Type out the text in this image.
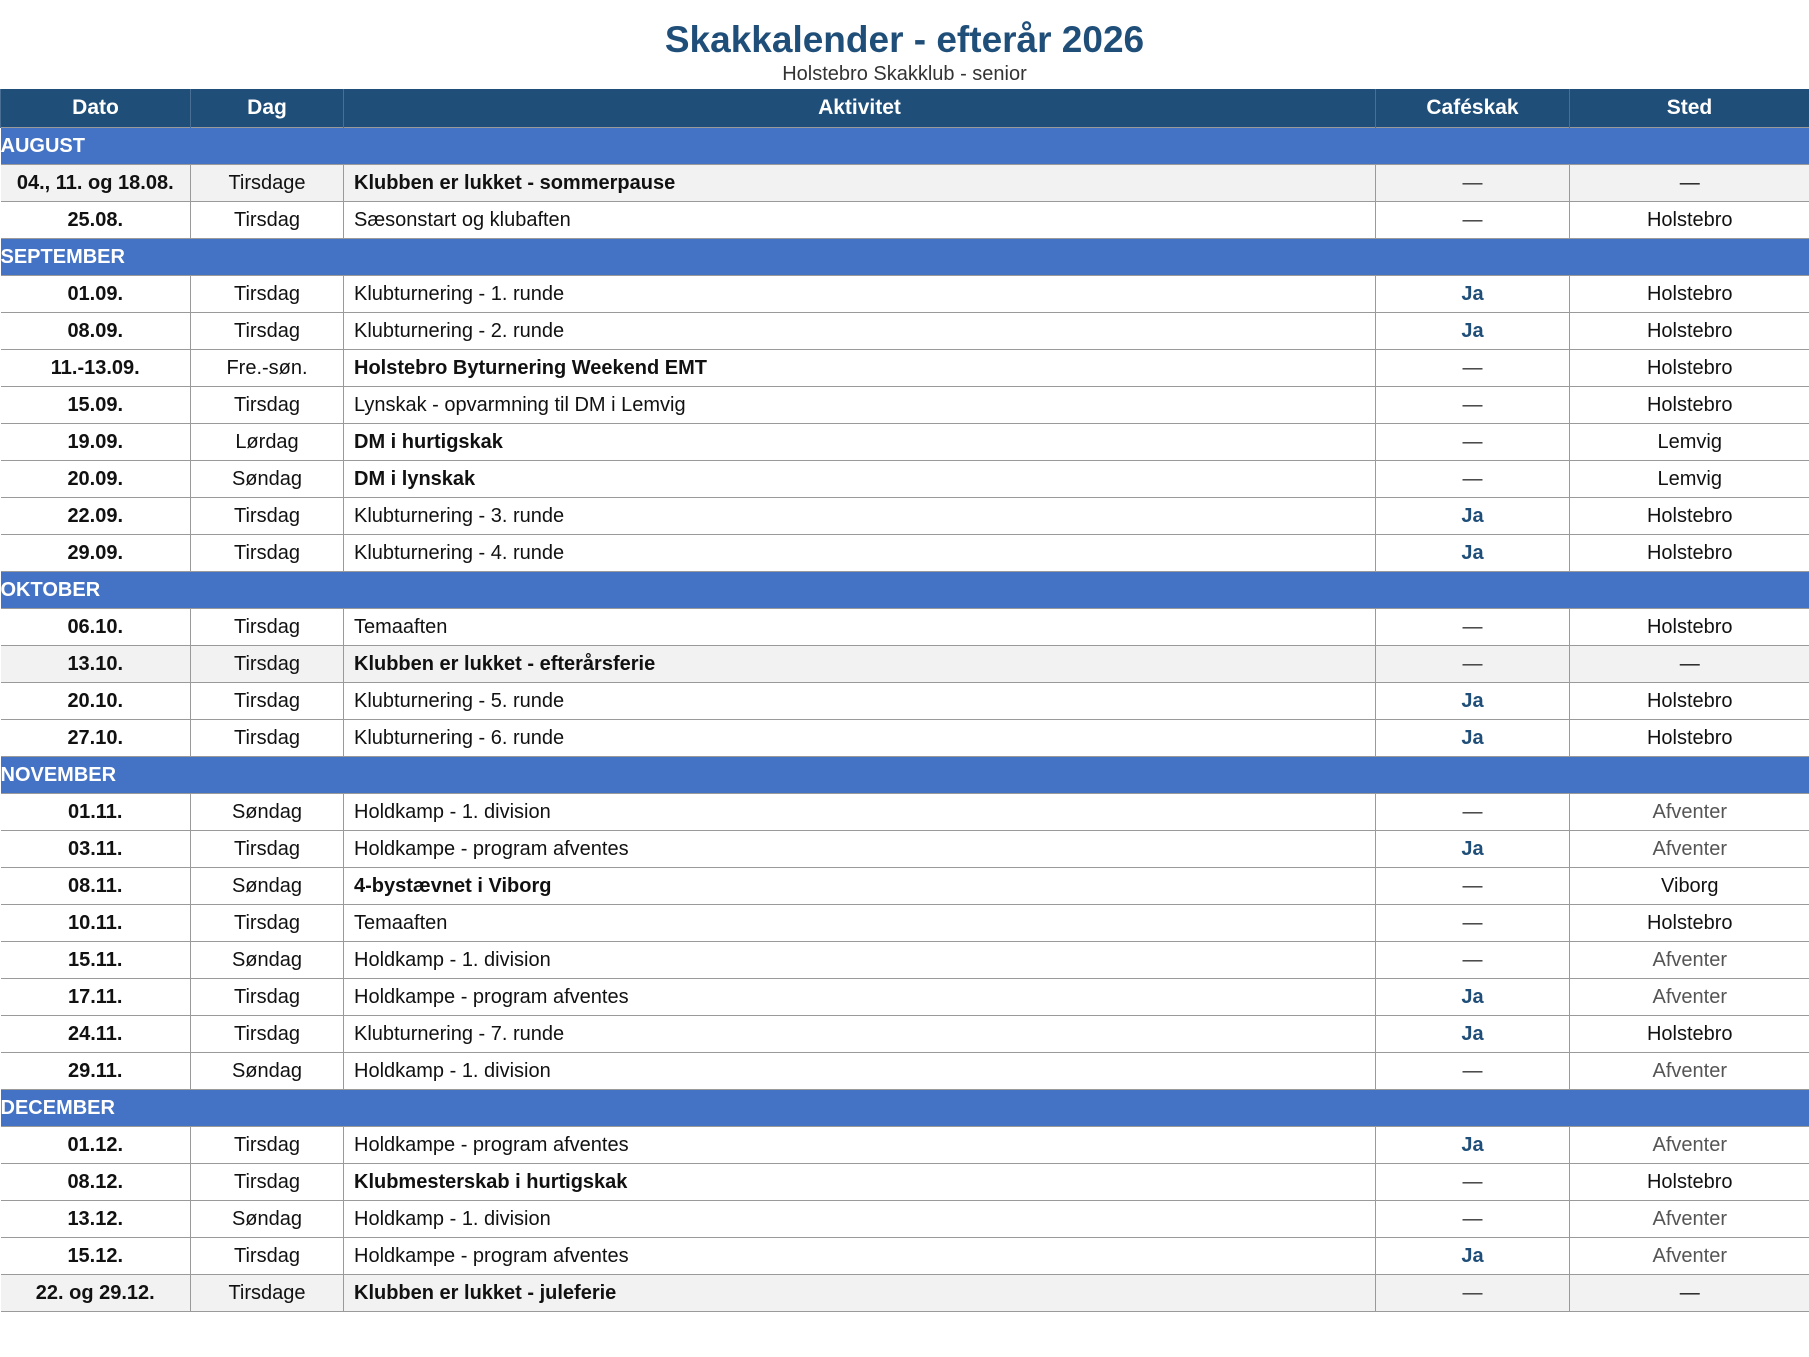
Skakkalender - efterår 2026
Holstebro Skakklub - senior
Dato	Dag	Aktivitet	Caféskak	Sted
AUGUST				
04., 11. og 18.08.	Tirsdage	Klubben er lukket - sommerpause	—	—
25.08.	Tirsdag	Sæsonstart og klubaften	—	Holstebro
SEPTEMBER				
01.09.	Tirsdag	Klubturnering - 1. runde	Ja	Holstebro
08.09.	Tirsdag	Klubturnering - 2. runde	Ja	Holstebro
11.-13.09.	Fre.-søn.	Holstebro Byturnering Weekend EMT	—	Holstebro
15.09.	Tirsdag	Lynskak - opvarmning til DM i Lemvig	—	Holstebro
19.09.	Lørdag	DM i hurtigskak	—	Lemvig
20.09.	Søndag	DM i lynskak	—	Lemvig
22.09.	Tirsdag	Klubturnering - 3. runde	Ja	Holstebro
29.09.	Tirsdag	Klubturnering - 4. runde	Ja	Holstebro
OKTOBER				
06.10.	Tirsdag	Temaaften	—	Holstebro
13.10.	Tirsdag	Klubben er lukket - efterårsferie	—	—
20.10.	Tirsdag	Klubturnering - 5. runde	Ja	Holstebro
27.10.	Tirsdag	Klubturnering - 6. runde	Ja	Holstebro
NOVEMBER				
01.11.	Søndag	Holdkamp - 1. division	—	Afventer
03.11.	Tirsdag	Holdkampe - program afventes	Ja	Afventer
08.11.	Søndag	4-bystævnet i Viborg	—	Viborg
10.11.	Tirsdag	Temaaften	—	Holstebro
15.11.	Søndag	Holdkamp - 1. division	—	Afventer
17.11.	Tirsdag	Holdkampe - program afventes	Ja	Afventer
24.11.	Tirsdag	Klubturnering - 7. runde	Ja	Holstebro
29.11.	Søndag	Holdkamp - 1. division	—	Afventer
DECEMBER				
01.12.	Tirsdag	Holdkampe - program afventes	Ja	Afventer
08.12.	Tirsdag	Klubmesterskab i hurtigskak	—	Holstebro
13.12.	Søndag	Holdkamp - 1. division	—	Afventer
15.12.	Tirsdag	Holdkampe - program afventes	Ja	Afventer
22. og 29.12.	Tirsdage	Klubben er lukket - juleferie	—	—
